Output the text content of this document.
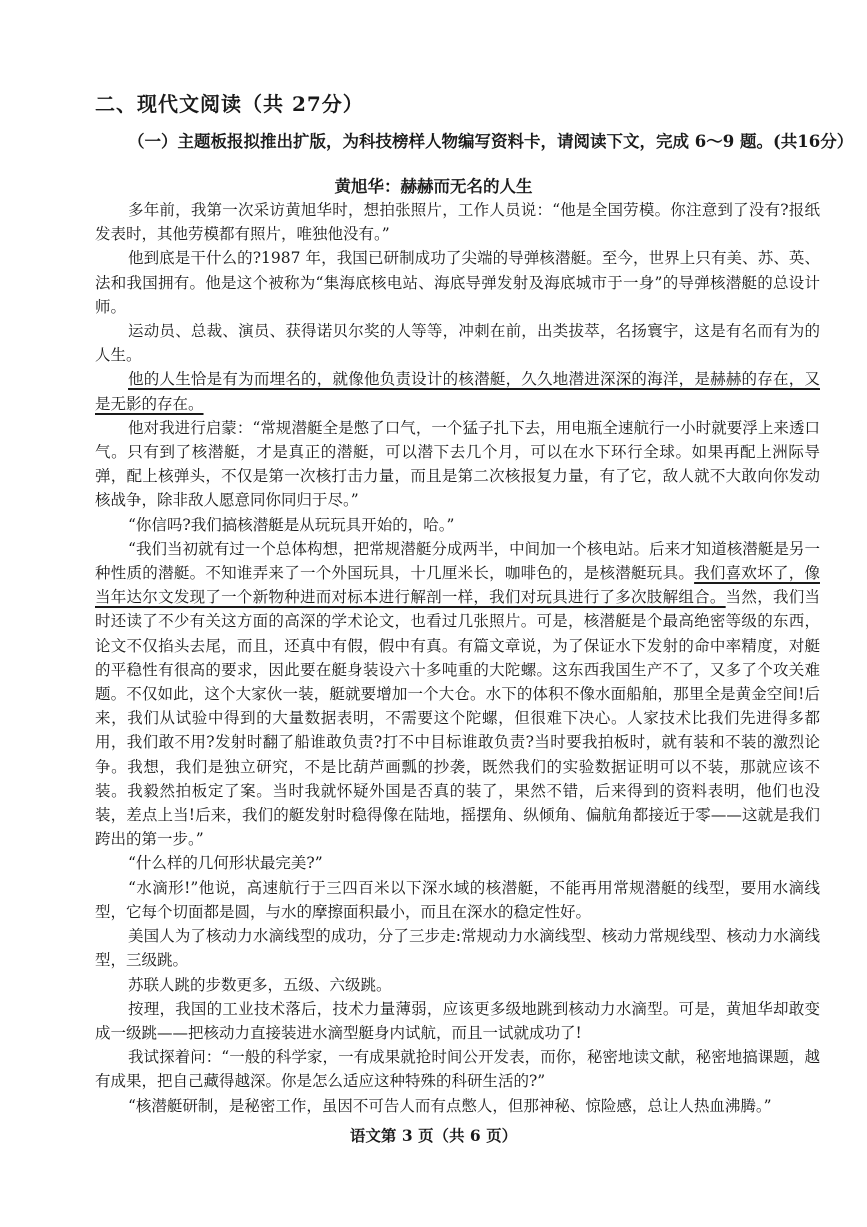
二、现代文阅读（共 27分）
（一）主题板报拟推出扩版，为科技榜样人物编写资料卡，请阅读下文，完成 6～9 题。(共16分）
黄旭华：赫赫而无名的人生

多年前，我第一次采访黄旭华时，想拍张照片，工作人员说：“他是全国劳模。你注意到了没有?报纸发表时，其他劳模都有照片，唯独他没有。”

他到底是干什么的?1987 年，我国已研制成功了尖端的导弹核潜艇。至今，世界上只有美、苏、英、法和我国拥有。他是这个被称为“集海底核电站、海底导弹发射及海底城市于一身”的导弹核潜艇的总设计师。

运动员、总裁、演员、获得诺贝尔奖的人等等，冲刺在前，出类拔萃，名扬寰宇，这是有名而有为的人生。

他的人生恰是有为而埋名的，就像他负责设计的核潜艇，久久地潜进深深的海洋，是赫赫的存在，又是无影的存在。

他对我进行启蒙：“常规潜艇全是憋了口气，一个猛子扎下去，用电瓶全速航行一小时就要浮上来透口气。只有到了核潜艇，才是真正的潜艇，可以潜下去几个月，可以在水下环行全球。如果再配上洲际导弹，配上核弹头，不仅是第一次核打击力量，而且是第二次核报复力量，有了它，敌人就不大敢向你发动核战争，除非敌人愿意同你同归于尽。”

“你信吗?我们搞核潜艇是从玩玩具开始的，哈。”

“我们当初就有过一个总体构想，把常规潜艇分成两半，中间加一个核电站。后来才知道核潜艇是另一种性质的潜艇。不知谁弄来了一个外国玩具，十几厘米长，咖啡色的，是核潜艇玩具。我们喜欢坏了，像当年达尔文发现了一个新物种进而对标本进行解剖一样，我们对玩具进行了多次肢解组合。当然，我们当时还读了不少有关这方面的高深的学术论文，也看过几张照片。可是，核潜艇是个最高绝密等级的东西，论文不仅掐头去尾，而且，还真中有假，假中有真。有篇文章说，为了保证水下发射的命中率精度，对艇的平稳性有很高的要求，因此要在艇身装设六十多吨重的大陀螺。这东西我国生产不了，又多了个攻关难题。不仅如此，这个大家伙一装，艇就要增加一个大仓。水下的体积不像水面船舶，那里全是黄金空间!后来，我们从试验中得到的大量数据表明，不需要这个陀螺，但很难下决心。人家技术比我们先进得多都用，我们敢不用?发射时翻了船谁敢负责?打不中目标谁敢负责?当时要我拍板时，就有装和不装的激烈论争。我想，我们是独立研究，不是比葫芦画瓢的抄袭，既然我们的实验数据证明可以不装，那就应该不装。我毅然拍板定了案。当时我就怀疑外国是否真的装了，果然不错，后来得到的资料表明，他们也没装，差点上当!后来，我们的艇发射时稳得像在陆地，摇摆角、纵倾角、偏航角都接近于零——这就是我们跨出的第一步。”

“什么样的几何形状最完美?”

“水滴形!”他说，高速航行于三四百米以下深水域的核潜艇，不能再用常规潜艇的线型，要用水滴线型，它每个切面都是圆，与水的摩擦面积最小，而且在深水的稳定性好。

美国人为了核动力水滴线型的成功，分了三步走:常规动力水滴线型、核动力常规线型、核动力水滴线型，三级跳。

苏联人跳的步数更多，五级、六级跳。

按理，我国的工业技术落后，技术力量薄弱，应该更多级地跳到核动力水滴型。可是，黄旭华却敢变成一级跳——把核动力直接装进水滴型艇身内试航，而且一试就成功了!

我试探着问：“一般的科学家，一有成果就抢时间公开发表，而你，秘密地读文献，秘密地搞课题，越有成果，把自己藏得越深。你是怎么适应这种特殊的科研生活的?”

“核潜艇研制，是秘密工作，虽因不可告人而有点憋人，但那神秘、惊险感，总让人热血沸腾。”

语文第 3 页（共 6 页）
